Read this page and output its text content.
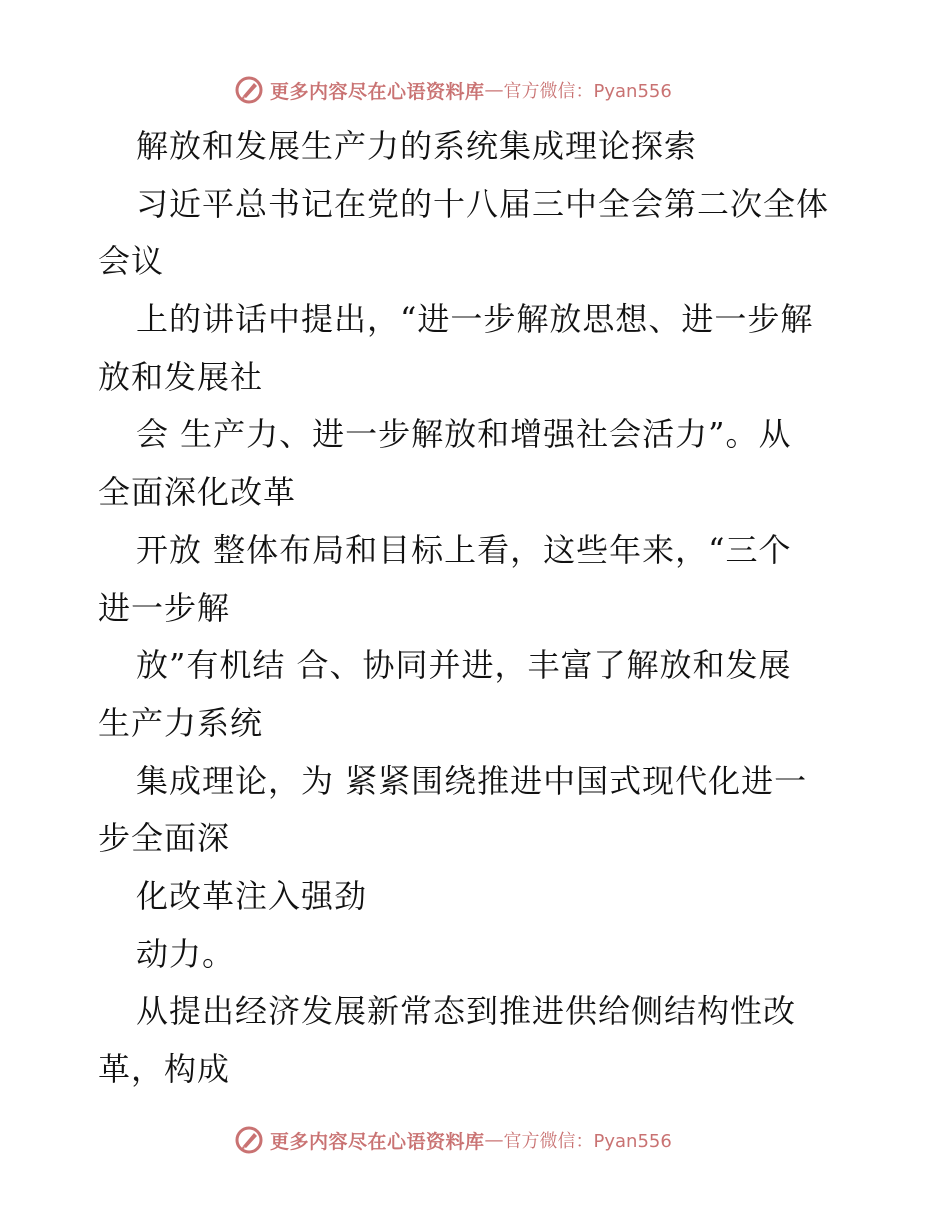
更多内容尽在心语资料库 — 官方微信：Pyan556
解放和发展生产力的系统集成理论探索
习近平总书记在党的十八届三中全会第二次全体
会议
上的讲话中提出，“进一步解放思想、进一步解
放和发展社
会 生产力、进一步解放和增强社会活力”。从
全面深化改革
开放 整体布局和目标上看，这些年来，“三个
进一步解
放”有机结 合、协同并进，丰富了解放和发展
生产力系统
集成理论，为 紧紧围绕推进中国式现代化进一
步全面深
化改革注入强劲
动力。
从提出经济发展新常态到推进供给侧结构性改
革，构成
更多内容尽在心语资料库 — 官方微信：Pyan556
